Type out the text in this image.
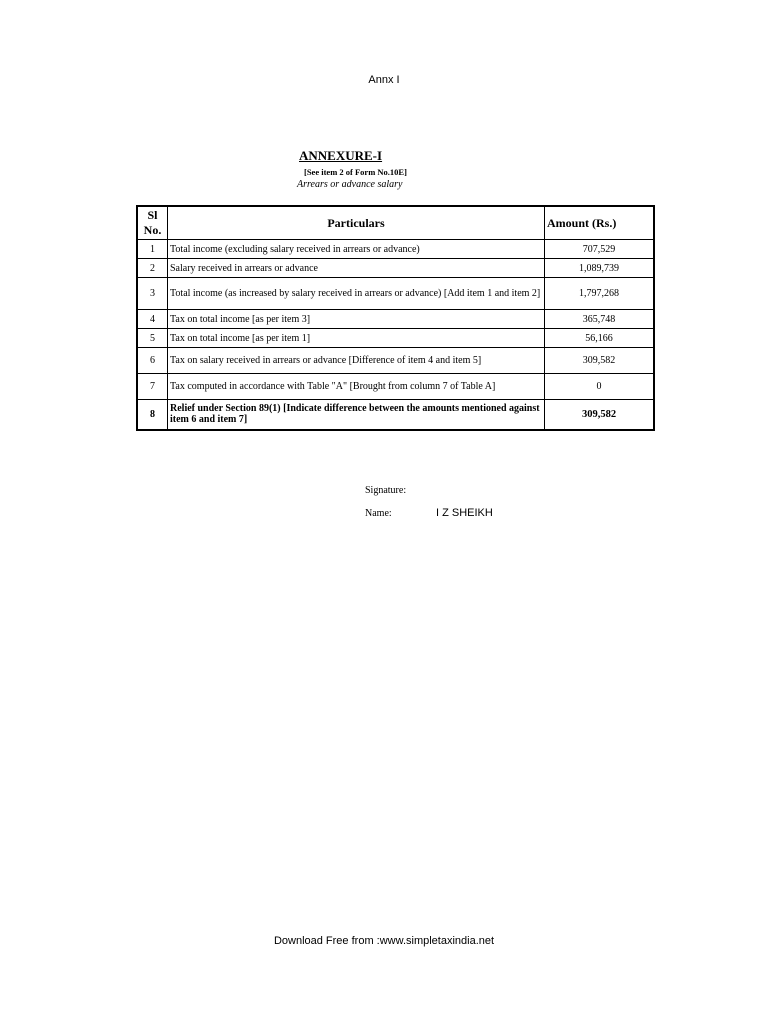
Annx I
ANNEXURE-I
[See item 2 of Form No.10E]
Arrears or advance salary
Sl No.	Particulars	Amount (Rs.)
1	Total income (excluding salary received in arrears or advance)	707,529
2	Salary received in arrears or advance	1,089,739
3	Total income (as increased by salary received in arrears or advance) [Add item 1 and item 2]	1,797,268
4	Tax on total income [as per item 3]	365,748
5	Tax on total income [as per item 1]	56,166
6	Tax on salary received in arrears or advance [Difference of item 4 and item 5]	309,582
7	Tax computed in accordance with Table "A" [Brought from column 7 of Table A]	0
8	Relief under Section 89(1) [Indicate difference between the amounts mentioned against item 6 and item 7]	309,582
Signature:
Name:	I Z SHEIKH
Download Free from :www.simpletaxindia.net
